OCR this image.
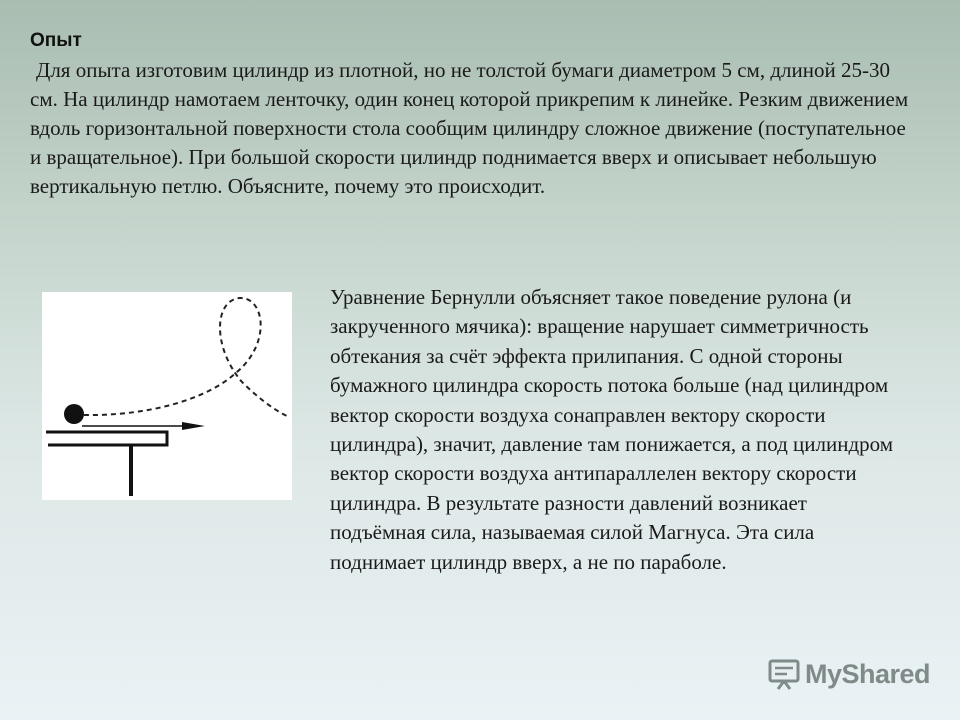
Опыт

Для опыта изготовим цилиндр из плотной, но не толстой бумаги диаметром 5 см, длиной 25-30 см. На цилиндр намотаем ленточку, один конец которой прикрепим к линейке. Резким движением вдоль горизонтальной поверхности стола сообщим цилиндру сложное движение (поступательное и вращательное). При большой скорости цилиндр поднимается вверх и описывает небольшую вертикальную петлю. Объясните, почему это происходит.

Уравнение Бернулли объясняет такое поведение рулона (и закрученного мячика): вращение нарушает симметричность обтекания за счёт эффекта прилипания. С одной стороны бумажного цилиндра скорость потока больше (над цилиндром вектор скорости воздуха сонаправлен вектору скорости цилиндра), значит, давление там понижается, а под цилиндром вектор скорости воздуха антипараллелен вектору скорости цилиндра. В результате разности давлений возникает подъёмная сила, называемая силой Магнуса. Эта сила поднимает цилиндр вверх, а не по параболе.

MyShared
